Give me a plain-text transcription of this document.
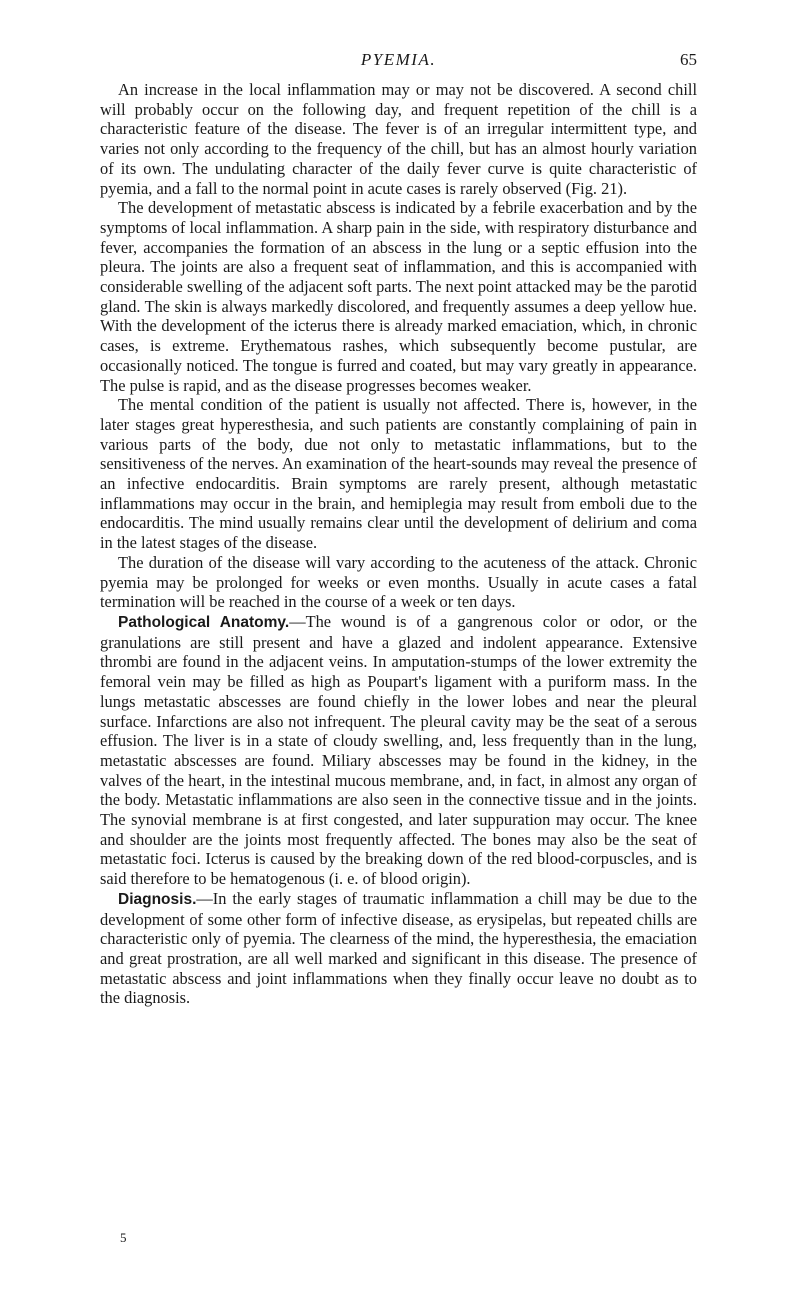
PYEMIA.	65

An increase in the local inflammation may or may not be discovered. A second chill will probably occur on the following day, and frequent repetition of the chill is a characteristic feature of the disease. The fever is of an irregular intermittent type, and varies not only according to the frequency of the chill, but has an almost hourly variation of its own. The undulating character of the daily fever curve is quite characteristic of pyemia, and a fall to the normal point in acute cases is rarely observed (Fig. 21).

The development of metastatic abscess is indicated by a febrile exacerbation and by the symptoms of local inflammation. A sharp pain in the side, with respiratory disturbance and fever, accompanies the formation of an abscess in the lung or a septic effusion into the pleura. The joints are also a frequent seat of inflammation, and this is accompanied with considerable swelling of the adjacent soft parts. The next point attacked may be the parotid gland. The skin is always markedly discolored, and frequently assumes a deep yellow hue. With the development of the icterus there is already marked emaciation, which, in chronic cases, is extreme. Erythematous rashes, which subsequently become pustular, are occasionally noticed. The tongue is furred and coated, but may vary greatly in appearance. The pulse is rapid, and as the disease progresses becomes weaker.

The mental condition of the patient is usually not affected. There is, however, in the later stages great hyperesthesia, and such patients are constantly complaining of pain in various parts of the body, due not only to metastatic inflammations, but to the sensitiveness of the nerves. An examination of the heart-sounds may reveal the presence of an infective endocarditis. Brain symptoms are rarely present, although metastatic inflammations may occur in the brain, and hemiplegia may result from emboli due to the endocarditis. The mind usually remains clear until the development of delirium and coma in the latest stages of the disease.

The duration of the disease will vary according to the acuteness of the attack. Chronic pyemia may be prolonged for weeks or even months. Usually in acute cases a fatal termination will be reached in the course of a week or ten days.

Pathological Anatomy.—The wound is of a gangrenous color or odor, or the granulations are still present and have a glazed and indolent appearance. Extensive thrombi are found in the adjacent veins. In amputation-stumps of the lower extremity the femoral vein may be filled as high as Poupart's ligament with a puriform mass. In the lungs metastatic abscesses are found chiefly in the lower lobes and near the pleural surface. Infarctions are also not infrequent. The pleural cavity may be the seat of a serous effusion. The liver is in a state of cloudy swelling, and, less frequently than in the lung, metastatic abscesses are found. Miliary abscesses may be found in the kidney, in the valves of the heart, in the intestinal mucous membrane, and, in fact, in almost any organ of the body. Metastatic inflammations are also seen in the connective tissue and in the joints. The synovial membrane is at first congested, and later suppuration may occur. The knee and shoulder are the joints most frequently affected. The bones may also be the seat of metastatic foci. Icterus is caused by the breaking down of the red blood-corpuscles, and is said therefore to be hematogenous (i. e. of blood origin).

Diagnosis.—In the early stages of traumatic inflammation a chill may be due to the development of some other form of infective disease, as erysipelas, but repeated chills are characteristic only of pyemia. The clearness of the mind, the hyperesthesia, the emaciation and great prostration, are all well marked and significant in this disease. The presence of metastatic abscess and joint inflammations when they finally occur leave no doubt as to the diagnosis.

5
